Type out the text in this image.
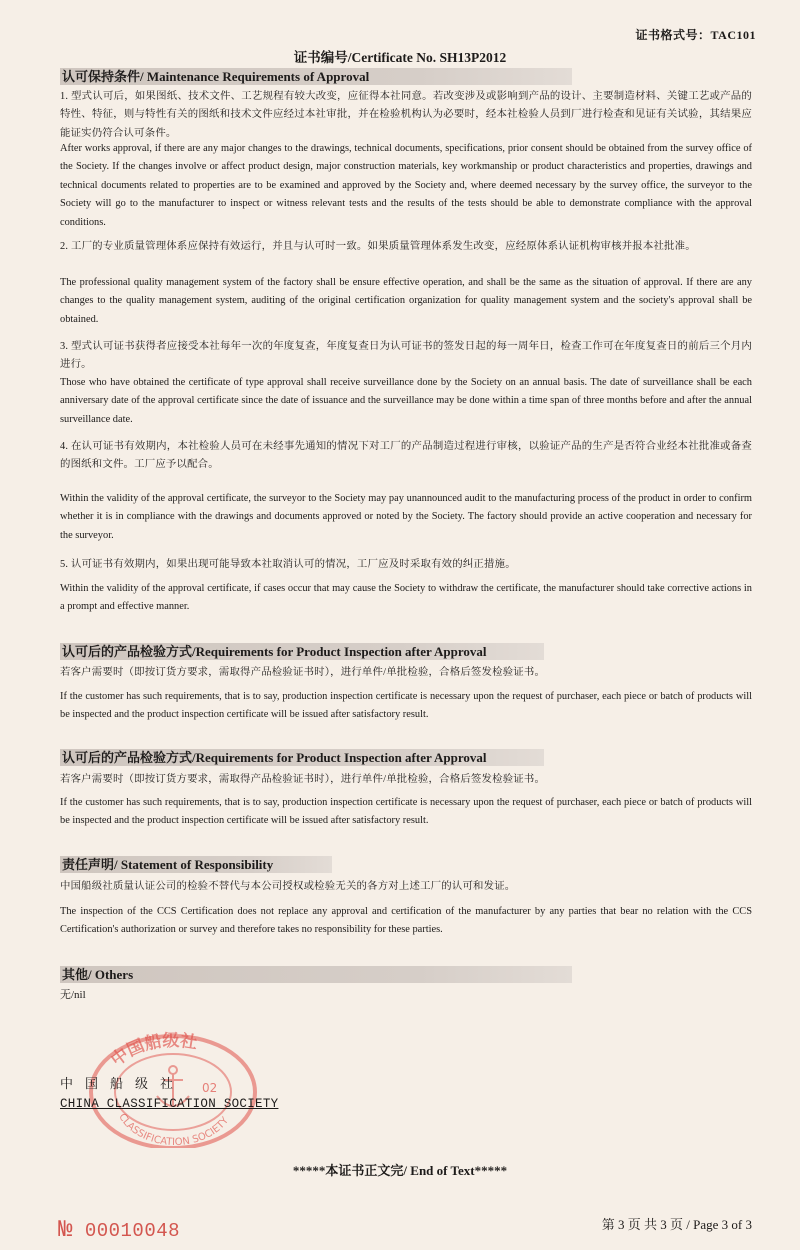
证书格式号：TAC101
证书编号/Certificate No. SH13P2012
认可保持条件/ Maintenance Requirements of Approval
1. 型式认可后，如果图纸、技术文件、工艺规程有较大改变，应征得本社同意。若改变涉及或影响到产品的设计、主要制造材料、关键工艺或产品的特性、特征，则与特性有关的图纸和技术文件应经过本社审批，并在检验机构认为必要时，经本社检验人员到厂进行检查和见证有关试验，其结果应能证实仍符合认可条件。
After works approval, if there are any major changes to the drawings, technical documents, specifications, prior consent should be obtained from the survey office of the Society. If the changes involve or affect product design, major construction materials, key workmanship or product characteristics and properties, drawings and technical documents related to properties are to be examined and approved by the Society and, where deemed necessary by the survey office, the surveyor to the Society will go to the manufacturer to inspect or witness relevant tests and the results of the tests should be able to demonstrate compliance with the approval conditions.
2. 工厂的专业质量管理体系应保持有效运行，并且与认可时一致。如果质量管理体系发生改变，应经原体系认证机构审核并报本社批准。
The professional quality management system of the factory shall be ensure effective operation, and shall be the same as the situation of approval. If there are any changes to the quality management system, auditing of the original certification organization for quality management system and the society's approval shall be obtained.
3. 型式认可证书获得者应接受本社每年一次的年度复查，年度复查日为认可证书的签发日起的每一周年日，检查工作可在年度复查日的前后三个月内进行。
Those who have obtained the certificate of type approval shall receive surveillance done by the Society on an annual basis. The date of surveillance shall be each anniversary date of the approval certificate since the date of issuance and the surveillance may be done within a time span of three months before and after the annual surveillance date.
4. 在认可证书有效期内，本社检验人员可在未经事先通知的情况下对工厂的产品制造过程进行审核，以验证产品的生产是否符合业经本社批准或备查的图纸和文件。工厂应予以配合。
Within the validity of the approval certificate, the surveyor to the Society may pay unannounced audit to the manufacturing process of the product in order to confirm whether it is in compliance with the drawings and documents approved or noted by the Society. The factory should provide an active cooperation and necessary for the surveyor.
5. 认可证书有效期内，如果出现可能导致本社取消认可的情况，工厂应及时采取有效的纠正措施。
Within the validity of the approval certificate, if cases occur that may cause the Society to withdraw the certificate, the manufacturer should take corrective actions in a prompt and effective manner.
认可后的产品检验方式/Requirements for Product Inspection after Approval
若客户需要时（即按订货方要求，需取得产品检验证书时），进行单件/单批检验，合格后签发检验证书。
If the customer has such requirements, that is to say, production inspection certificate is necessary upon the request of purchaser, each piece or batch of products will be inspected and the product inspection certificate will be issued after satisfactory result.
认可后的产品检验方式/Requirements for Product Inspection after Approval
若客户需要时（即按订货方要求，需取得产品检验证书时），进行单件/单批检验，合格后签发检验证书。
If the customer has such requirements, that is to say, production inspection certificate is necessary upon the request of purchaser, each piece or batch of products will be inspected and the product inspection certificate will be issued after satisfactory result.
责任声明/ Statement of Responsibility
中国船级社质量认证公司的检验不替代与本公司授权或检验无关的各方对上述工厂的认可和发证。
The inspection of the CCS Certification does not replace any approval and certification of the manufacturer by any parties that bear no relation with the CCS Certification's authorization or survey and therefore takes no responsibility for these parties.
其他/ Others
无/nil
中国船级社
CLASSIFICATION SOCIETY
02
中国船级社
CHINA CLASSIFICATION SOCIETY
*****本证书正文完/ End of Text*****
№ 00010048	第 3 页 共 3 页 / Page 3 of 3
